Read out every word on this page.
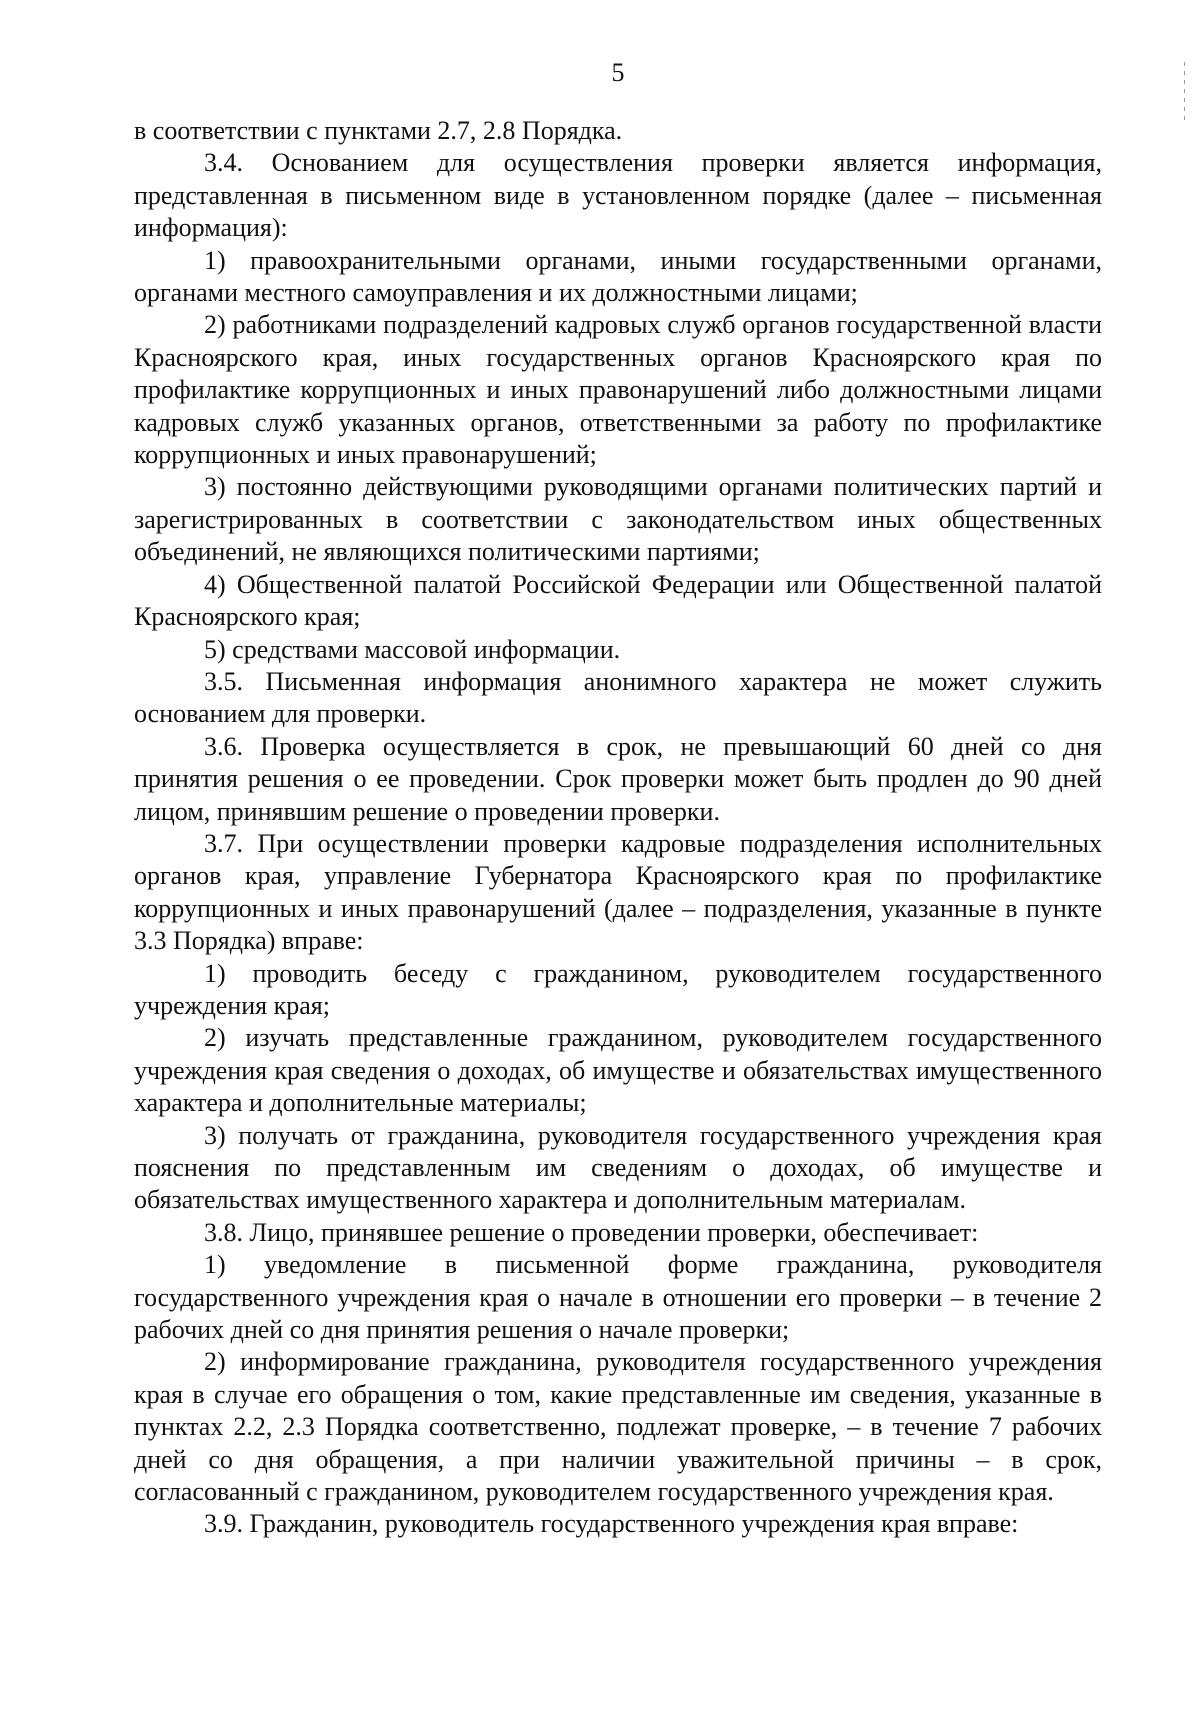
5

в соответствии с пунктами 2.7, 2.8 Порядка.

3.4. Основанием для осуществления проверки является информация, представленная в письменном виде в установленном порядке (далее – письменная информация):

1) правоохранительными органами, иными государственными органами, органами местного самоуправления и их должностными лицами;

2) работниками подразделений кадровых служб органов государственной власти Красноярского края, иных государственных органов Красноярского края по профилактике коррупционных и иных правонарушений либо должностными лицами кадровых служб указанных органов, ответственными за работу по профилактике коррупционных и иных правонарушений;

3) постоянно действующими руководящими органами политических партий и зарегистрированных в соответствии с законодательством иных общественных объединений, не являющихся политическими партиями;

4) Общественной палатой Российской Федерации или Общественной палатой Красноярского края;

5) средствами массовой информации.

3.5. Письменная информация анонимного характера не может служить основанием для проверки.

3.6. Проверка осуществляется в срок, не превышающий 60 дней со дня принятия решения о ее проведении. Срок проверки может быть продлен до 90 дней лицом, принявшим решение о проведении проверки.

3.7. При осуществлении проверки кадровые подразделения исполнительных органов края, управление Губернатора Красноярского края по профилактике коррупционных и иных правонарушений (далее – подразделения, указанные в пункте 3.3 Порядка) вправе:

1) проводить беседу с гражданином, руководителем государственного учреждения края;

2) изучать представленные гражданином, руководителем государственного учреждения края сведения о доходах, об имуществе и обязательствах имущественного характера и дополнительные материалы;

3) получать от гражданина, руководителя государственного учреждения края пояснения по представленным им сведениям о доходах, об имуществе и обязательствах имущественного характера и дополнительным материалам.

3.8. Лицо, принявшее решение о проведении проверки, обеспечивает:

1) уведомление в письменной форме гражданина, руководителя государственного учреждения края о начале в отношении его проверки – в течение 2 рабочих дней со дня принятия решения о начале проверки;

2) информирование гражданина, руководителя государственного учреждения края в случае его обращения о том, какие представленные им сведения, указанные в пунктах 2.2, 2.3 Порядка соответственно, подлежат проверке, – в течение 7 рабочих дней со дня обращения, а при наличии уважительной причины – в срок, согласованный с гражданином, руководителем государственного учреждения края.

3.9. Гражданин, руководитель государственного учреждения края вправе:
